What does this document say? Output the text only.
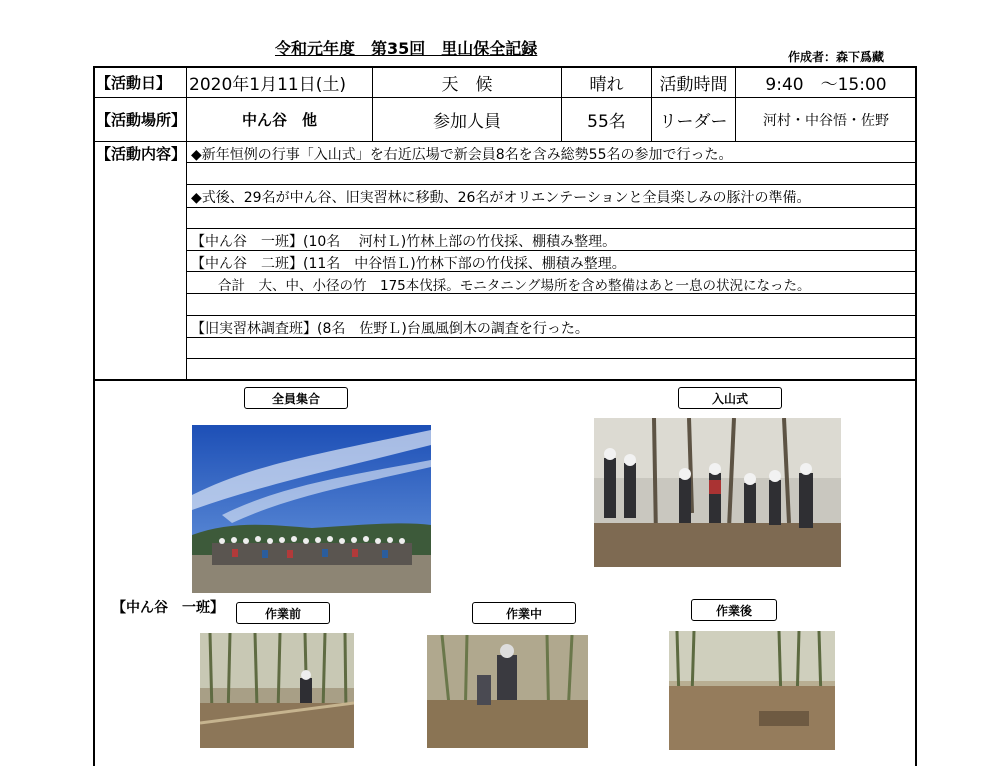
令和元年度　第35回　里山保全記録	作成者：森下爲藏
【活動日】	2020年1月11日(土)	天　候	晴れ	活動時間	9:40　～15:00
【活動場所】	中ん谷　他	参加人員	55名	リーダー	河村・中谷悟・佐野
【活動内容】 ◆新年恒例の行事「入山式」を右近広場で新会員8名を含み総勢55名の参加で行った。
◆式後、29名が中ん谷、旧実習林に移動、26名がオリエンテーションと全員楽しみの豚汁の準備。
【中ん谷　一班】(10名　 河村Ｌ)竹林上部の竹伐採、棚積み整理。
【中ん谷　二班】(11名　中谷悟Ｌ)竹林下部の竹伐採、棚積み整理。
　　合計　大、中、小径の竹　175本伐採。モニタニング場所を含め整備はあと一息の状況になった。
【旧実習林調査班】(8名　佐野Ｌ)台風風倒木の調査を行った。
全員集合	入山式
【中ん谷　一班】	作業前	作業中	作業後
